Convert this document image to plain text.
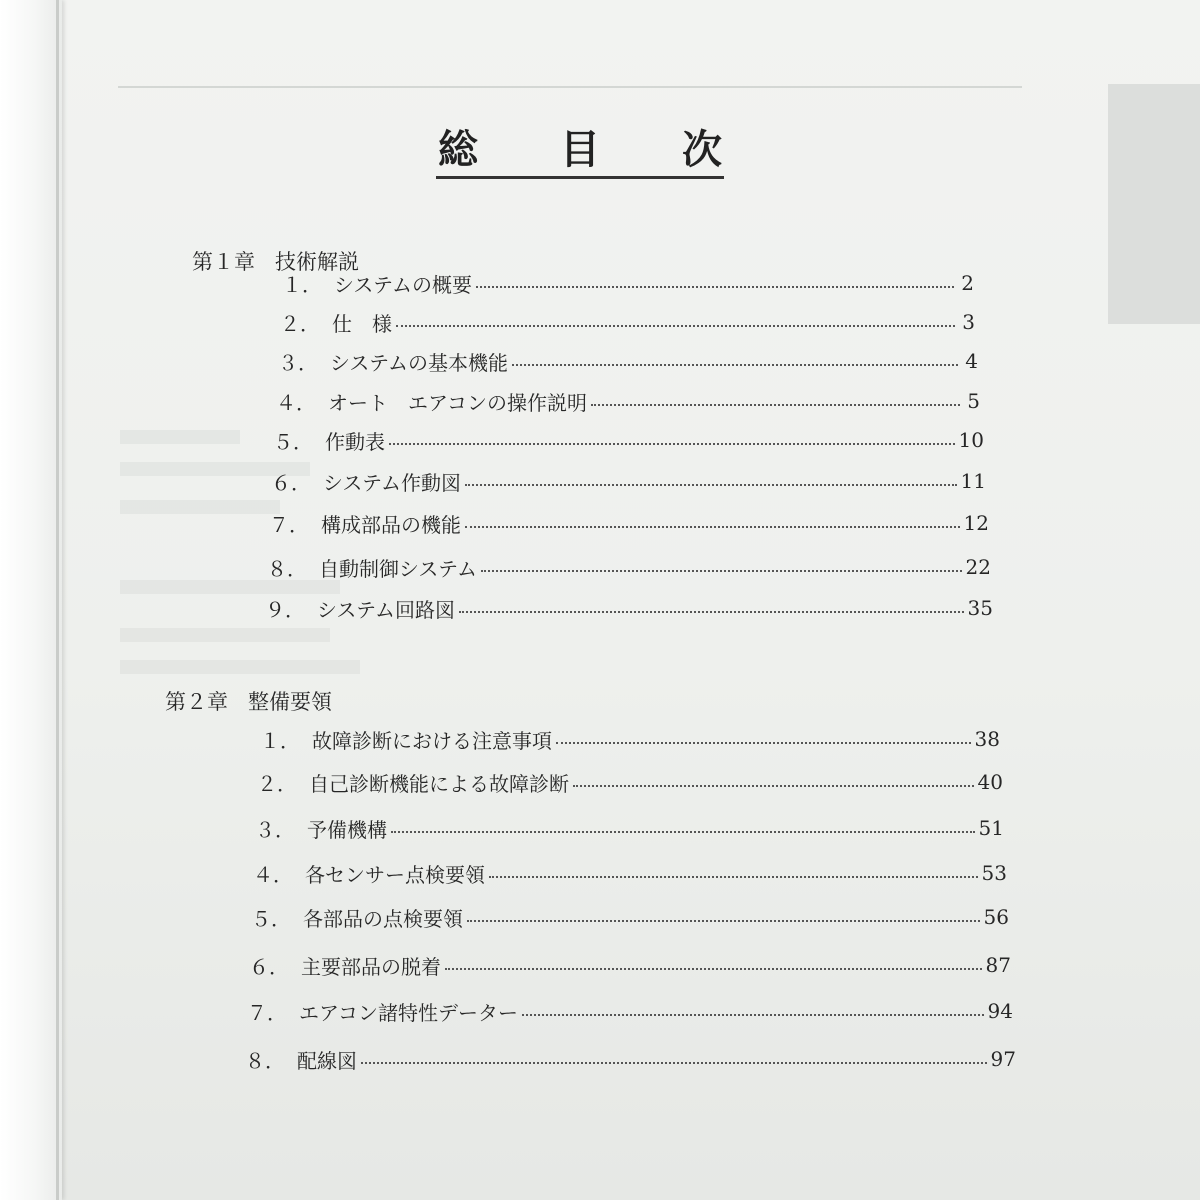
総 目 次
第１章 技術解説
１． システムの概要	2
２． 仕　様	3
３． システムの基本機能	4
４． オート　エアコンの操作説明	5
５． 作動表	10
６． システム作動図	11
７． 構成部品の機能	12
８． 自動制御システム	22
９． システム回路図	35
第２章 整備要領
１． 故障診断における注意事項	38
２． 自己診断機能による故障診断	40
３． 予備機構	51
４． 各センサー点検要領	53
５． 各部品の点検要領	56
６． 主要部品の脱着	87
７． エアコン諸特性データー	94
８． 配線図	97
